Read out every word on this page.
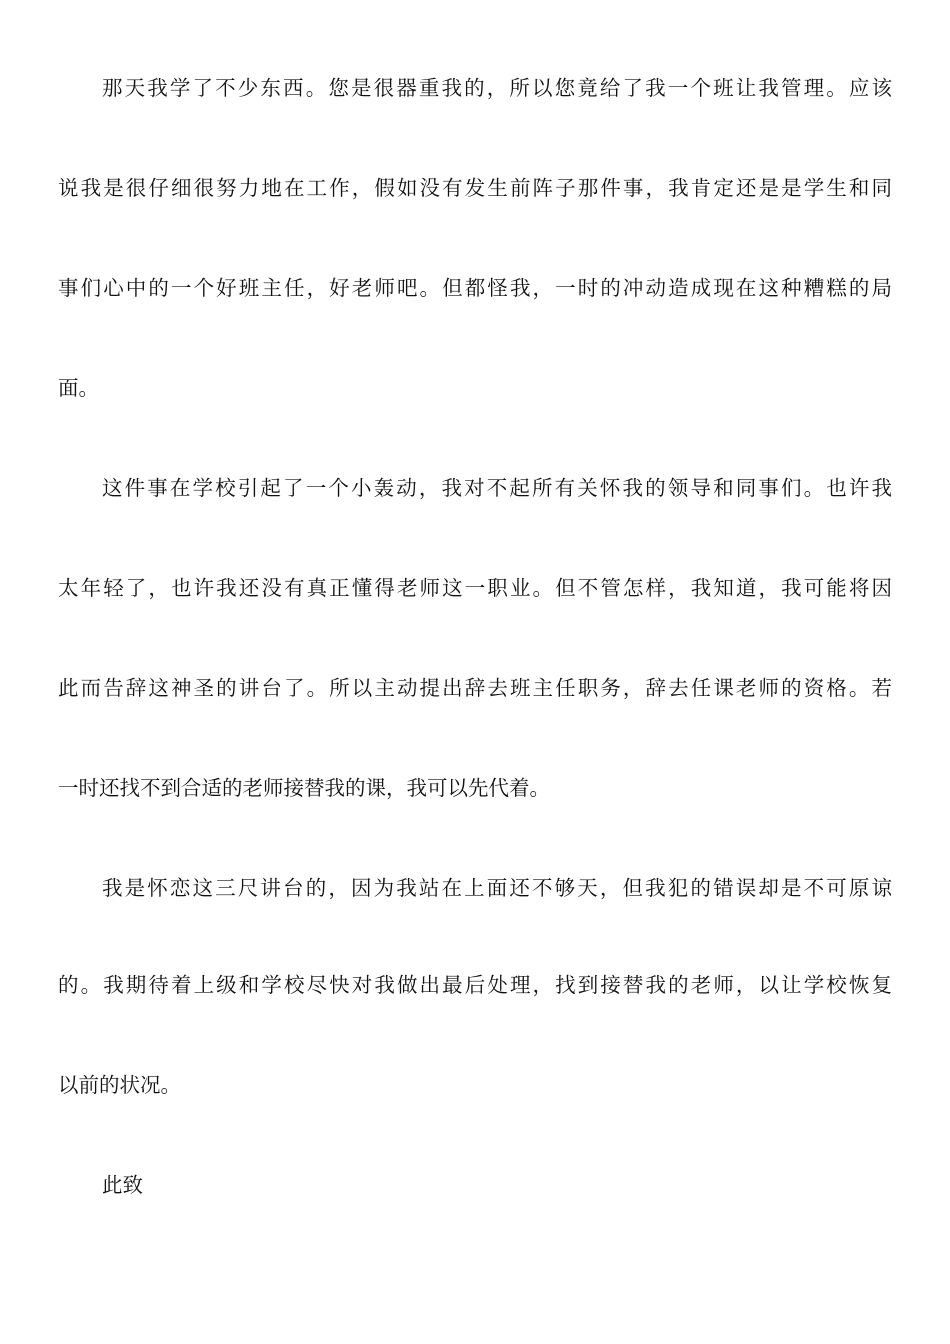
那天我学了不少东西。您是很器重我的，所以您竟给了我一个班让我管理。应该

说我是很仔细很努力地在工作，假如没有发生前阵子那件事，我肯定还是是学生和同

事们心中的一个好班主任，好老师吧。但都怪我，一时的冲动造成现在这种糟糕的局

面。

这件事在学校引起了一个小轰动，我对不起所有关怀我的领导和同事们。也许我

太年轻了，也许我还没有真正懂得老师这一职业。但不管怎样，我知道，我可能将因

此而告辞这神圣的讲台了。所以主动提出辞去班主任职务，辞去任课老师的资格。若

一时还找不到合适的老师接替我的课，我可以先代着。

我是怀恋这三尺讲台的，因为我站在上面还不够天，但我犯的错误却是不可原谅

的。我期待着上级和学校尽快对我做出最后处理，找到接替我的老师，以让学校恢复

以前的状况。

此致
